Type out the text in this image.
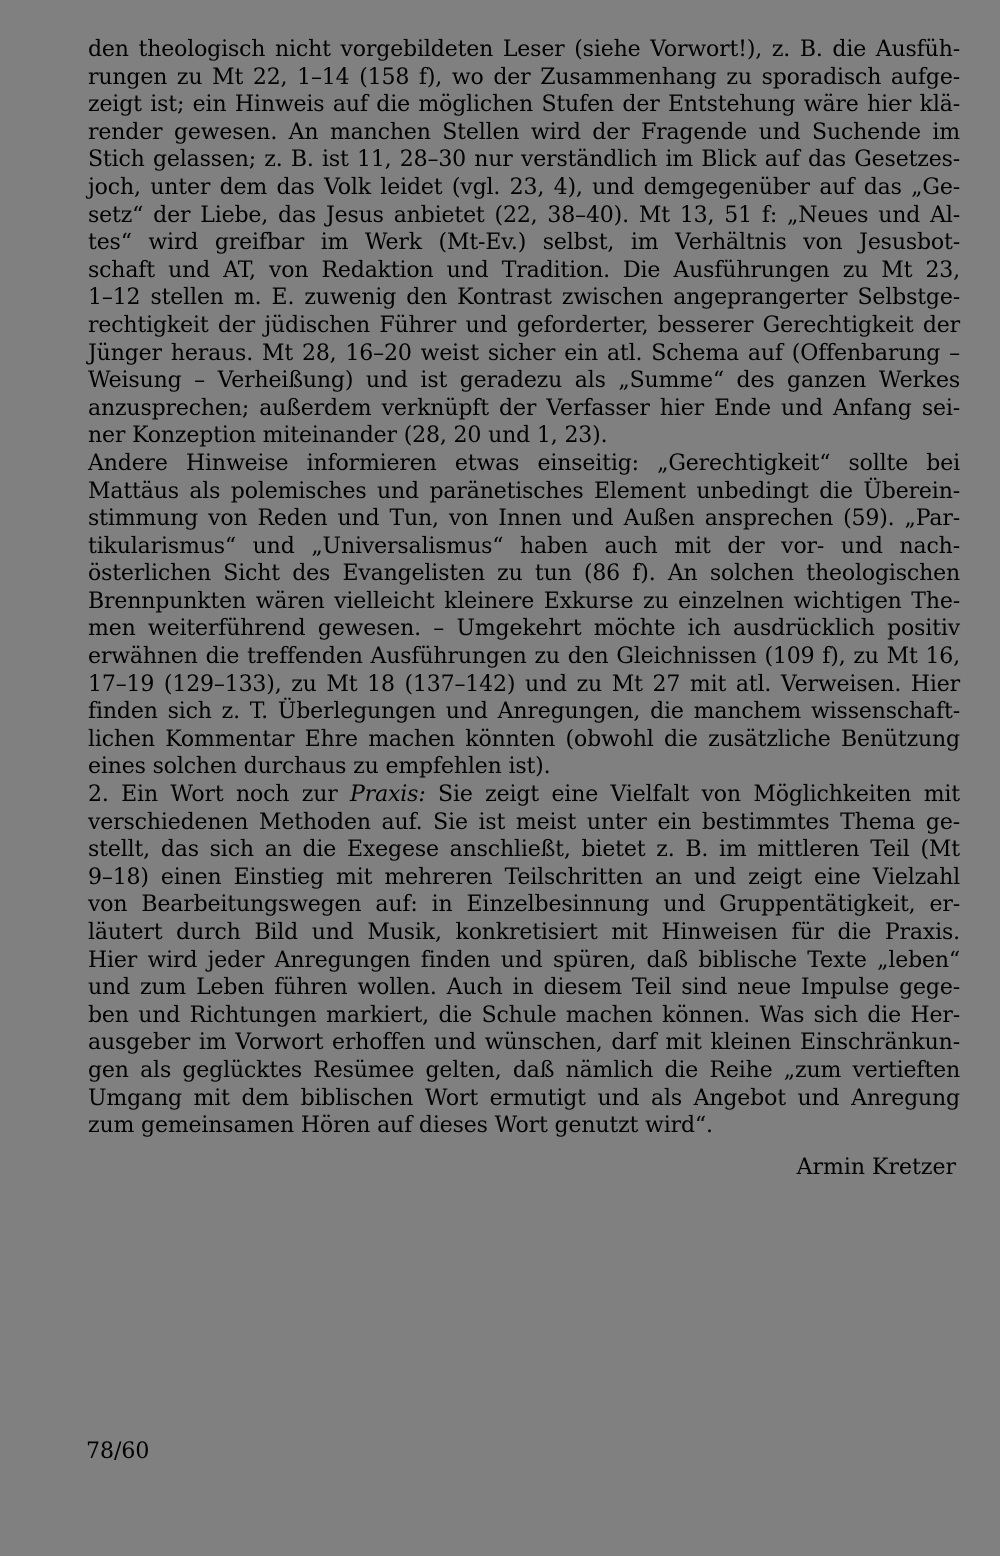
den theologisch nicht vorgebildeten Leser (siehe Vorwort!), z. B. die Ausfüh-
rungen zu Mt 22, 1–14 (158 f), wo der Zusammenhang zu sporadisch aufge-
zeigt ist; ein Hinweis auf die möglichen Stufen der Entstehung wäre hier klä-
render gewesen. An manchen Stellen wird der Fragende und Suchende im
Stich gelassen; z. B. ist 11, 28–30 nur verständlich im Blick auf das Gesetzes-
joch, unter dem das Volk leidet (vgl. 23, 4), und demgegenüber auf das „Ge-
setz“ der Liebe, das Jesus anbietet (22, 38–40). Mt 13, 51 f: „Neues und Al-
tes“ wird greifbar im Werk (Mt-Ev.) selbst, im Verhältnis von Jesusbot-
schaft und AT, von Redaktion und Tradition. Die Ausführungen zu Mt 23,
1–12 stellen m. E. zuwenig den Kontrast zwischen angeprangerter Selbstge-
rechtigkeit der jüdischen Führer und geforderter, besserer Gerechtigkeit der
Jünger heraus. Mt 28, 16–20 weist sicher ein atl. Schema auf (Offenbarung –
Weisung – Verheißung) und ist geradezu als „Summe“ des ganzen Werkes
anzusprechen; außerdem verknüpft der Verfasser hier Ende und Anfang sei-
ner Konzeption miteinander (28, 20 und 1, 23).
Andere Hinweise informieren etwas einseitig: „Gerechtigkeit“ sollte bei
Mattäus als polemisches und paränetisches Element unbedingt die Überein-
stimmung von Reden und Tun, von Innen und Außen ansprechen (59). „Par-
tikularismus“ und „Universalismus“ haben auch mit der vor- und nach-
österlichen Sicht des Evangelisten zu tun (86 f). An solchen theologischen
Brennpunkten wären vielleicht kleinere Exkurse zu einzelnen wichtigen The-
men weiterführend gewesen. – Umgekehrt möchte ich ausdrücklich positiv
erwähnen die treffenden Ausführungen zu den Gleichnissen (109 f), zu Mt 16,
17–19 (129–133), zu Mt 18 (137–142) und zu Mt 27 mit atl. Verweisen. Hier
finden sich z. T. Überlegungen und Anregungen, die manchem wissenschaft-
lichen Kommentar Ehre machen könnten (obwohl die zusätzliche Benützung
eines solchen durchaus zu empfehlen ist).
2. Ein Wort noch zur Praxis: Sie zeigt eine Vielfalt von Möglichkeiten mit
verschiedenen Methoden auf. Sie ist meist unter ein bestimmtes Thema ge-
stellt, das sich an die Exegese anschließt, bietet z. B. im mittleren Teil (Mt
9–18) einen Einstieg mit mehreren Teilschritten an und zeigt eine Vielzahl
von Bearbeitungswegen auf: in Einzelbesinnung und Gruppentätigkeit, er-
läutert durch Bild und Musik, konkretisiert mit Hinweisen für die Praxis.
Hier wird jeder Anregungen finden und spüren, daß biblische Texte „leben“
und zum Leben führen wollen. Auch in diesem Teil sind neue Impulse gege-
ben und Richtungen markiert, die Schule machen können. Was sich die Her-
ausgeber im Vorwort erhoffen und wünschen, darf mit kleinen Einschränkun-
gen als geglücktes Resümee gelten, daß nämlich die Reihe „zum vertieften
Umgang mit dem biblischen Wort ermutigt und als Angebot und Anregung
zum gemeinsamen Hören auf dieses Wort genutzt wird“.
Armin Kretzer
78/60
